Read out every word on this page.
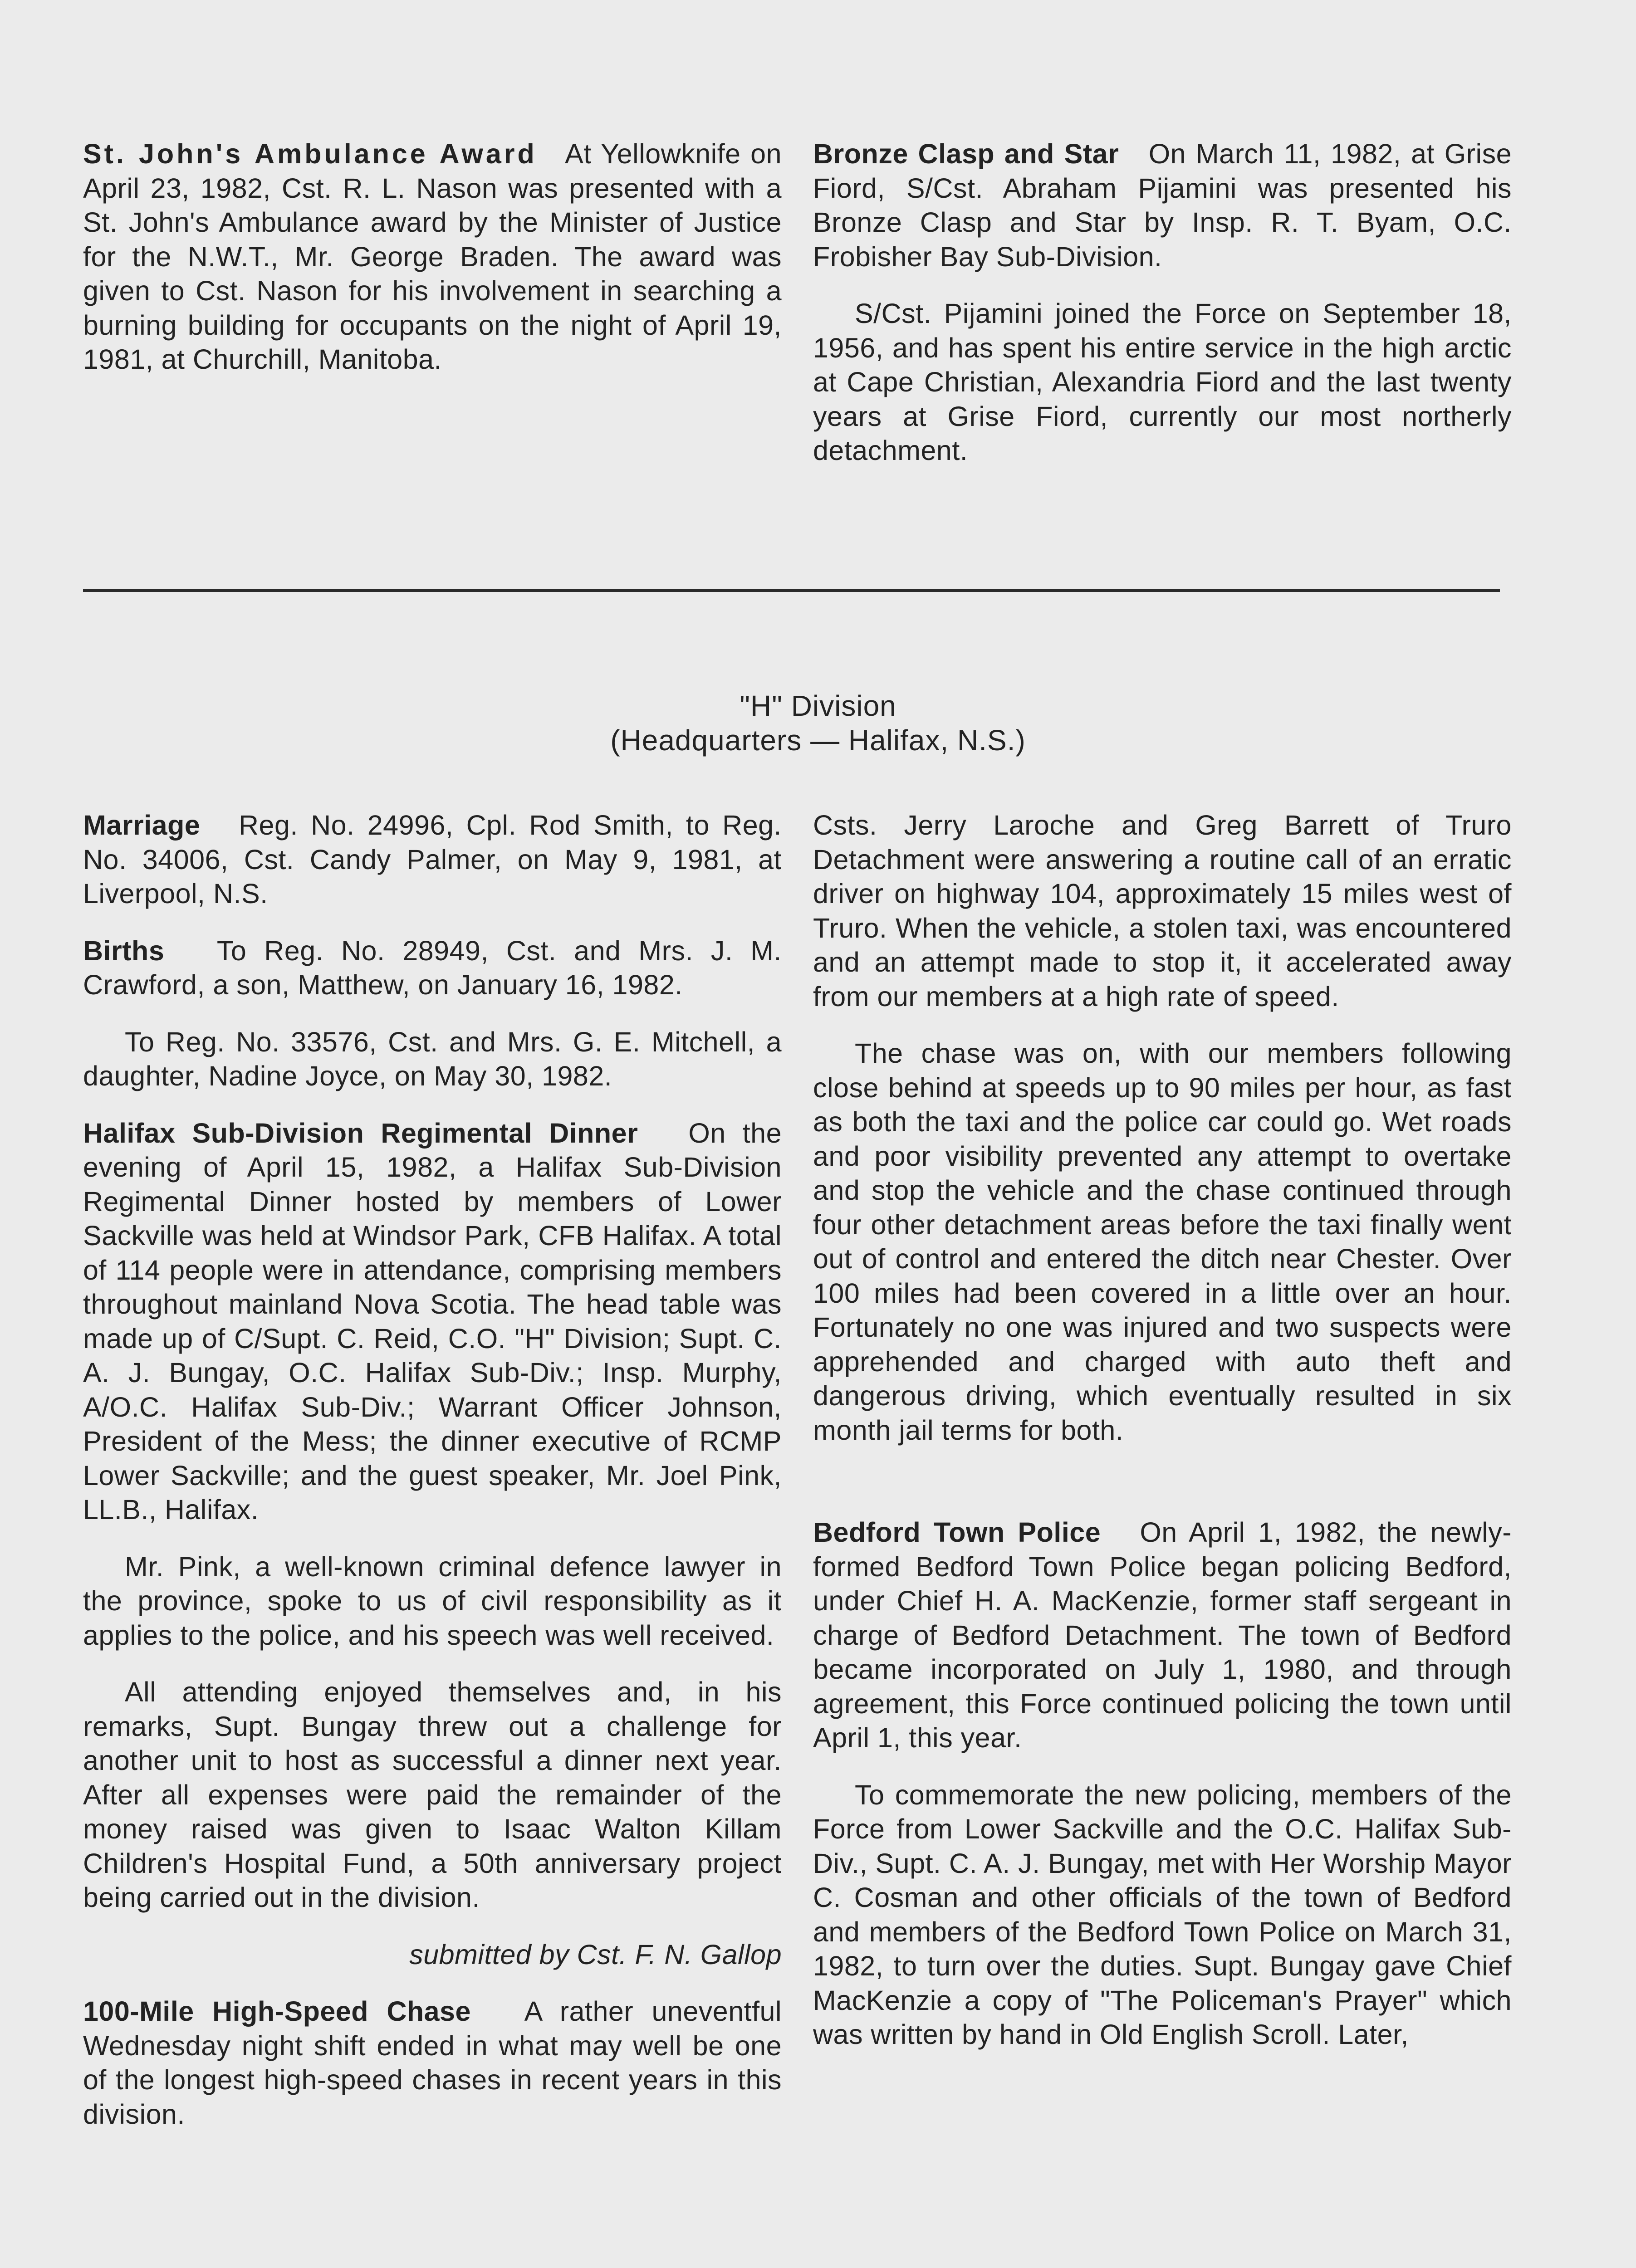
St. John's Ambulance Award At Yellowknife on April 23, 1982, Cst. R. L. Nason was presented with a St. John's Ambulance award by the Minister of Justice for the N.W.T., Mr. George Braden. The award was given to Cst. Nason for his involvement in searching a burning building for occupants on the night of April 19, 1981, at Churchill, Manitoba.

Bronze Clasp and Star On March 11, 1982, at Grise Fiord, S/Cst. Abraham Pijamini was presented his Bronze Clasp and Star by Insp. R. T. Byam, O.C. Frobisher Bay Sub-Division.

S/Cst. Pijamini joined the Force on September 18, 1956, and has spent his entire service in the high arctic at Cape Christian, Alexandria Fiord and the last twenty years at Grise Fiord, currently our most northerly detachment.

"H" Division
(Headquarters — Halifax, N.S.)

Marriage Reg. No. 24996, Cpl. Rod Smith, to Reg. No. 34006, Cst. Candy Palmer, on May 9, 1981, at Liverpool, N.S.

Births To Reg. No. 28949, Cst. and Mrs. J. M. Crawford, a son, Matthew, on January 16, 1982.

To Reg. No. 33576, Cst. and Mrs. G. E. Mitchell, a daughter, Nadine Joyce, on May 30, 1982.

Halifax Sub-Division Regimental Dinner On the evening of April 15, 1982, a Halifax Sub-Division Regimental Dinner hosted by members of Lower Sackville was held at Windsor Park, CFB Halifax. A total of 114 people were in attendance, comprising members throughout mainland Nova Scotia. The head table was made up of C/Supt. C. Reid, C.O. "H" Division; Supt. C. A. J. Bungay, O.C. Halifax Sub-Div.; Insp. Murphy, A/O.C. Halifax Sub-Div.; Warrant Officer Johnson, President of the Mess; the dinner executive of RCMP Lower Sackville; and the guest speaker, Mr. Joel Pink, LL.B., Halifax.

Mr. Pink, a well-known criminal defence lawyer in the province, spoke to us of civil responsibility as it applies to the police, and his speech was well received.

All attending enjoyed themselves and, in his remarks, Supt. Bungay threw out a challenge for another unit to host as successful a dinner next year. After all expenses were paid the remainder of the money raised was given to Isaac Walton Killam Children's Hospital Fund, a 50th anniversary project being carried out in the division.

submitted by Cst. F. N. Gallop

100-Mile High-Speed Chase A rather uneventful Wednesday night shift ended in what may well be one of the longest high-speed chases in recent years in this division.

Csts. Jerry Laroche and Greg Barrett of Truro Detachment were answering a routine call of an erratic driver on highway 104, approximately 15 miles west of Truro. When the vehicle, a stolen taxi, was encountered and an attempt made to stop it, it accelerated away from our members at a high rate of speed.

The chase was on, with our members following close behind at speeds up to 90 miles per hour, as fast as both the taxi and the police car could go. Wet roads and poor visibility prevented any attempt to overtake and stop the vehicle and the chase continued through four other detachment areas before the taxi finally went out of control and entered the ditch near Chester. Over 100 miles had been covered in a little over an hour. Fortunately no one was injured and two suspects were apprehended and charged with auto theft and dangerous driving, which eventually resulted in six month jail terms for both.

Bedford Town Police On April 1, 1982, the newly-formed Bedford Town Police began policing Bedford, under Chief H. A. MacKenzie, former staff sergeant in charge of Bedford Detachment. The town of Bedford became incorporated on July 1, 1980, and through agreement, this Force continued policing the town until April 1, this year.

To commemorate the new policing, members of the Force from Lower Sackville and the O.C. Halifax Sub-Div., Supt. C. A. J. Bungay, met with Her Worship Mayor C. Cosman and other officials of the town of Bedford and members of the Bedford Town Police on March 31, 1982, to turn over the duties. Supt. Bungay gave Chief MacKenzie a copy of "The Policeman's Prayer" which was written by hand in Old English Scroll. Later,
